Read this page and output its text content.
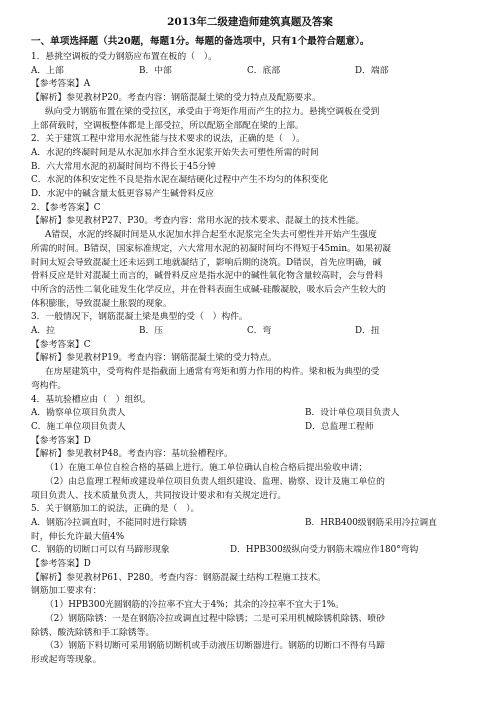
2013年二级建造师建筑真题及答案
一、单项选择题（共20题，每题1分。每题的备选项中，只有1个最符合题意）。
1．悬挑空调板的受力钢筋应布置在板的（　）。
A．上部	B．中部	C．底部	D．端部
【参考答案】A
【解析】参见教材P20。考查内容：钢筋混凝土梁的受力特点及配筋要求。
纵向受力钢筋布置在梁的受拉区，承受由于弯矩作用而产生的拉力。悬挑空调板在受到
上部荷载时，空调板整体都是上部受拉，所以配筋全部配在梁的上部。
2．关于建筑工程中常用水泥性能与技术要求的说法，正确的是（　）。
A．水泥的终凝时间是从水泥加水拌合至水泥浆开始失去可塑性所需的时间
B．六大常用水泥的初凝时间均不得长于45分钟
C．水泥的体积安定性不良是指水泥在凝结硬化过程中产生不均匀的体积变化
D．水泥中的碱含量太低更容易产生碱骨料反应
2．【参考答案】C
【解析】参见教材P27、P30。考查内容：常用水泥的技术要求、混凝土的技术性能。
A错误，水泥的终凝时间是从水泥加水拌合起至水泥浆完全失去可塑性并开始产生强度
所需的时间。B错误，国家标准规定，六大常用水泥的初凝时间均不得短于45min。如果初凝
时间太短会导致混凝土还未运到工地就凝结了，影响后期的浇筑。D错误，首先应明确，碱
骨料反应是针对混凝土而言的，碱骨料反应是指水泥中的碱性氧化物含量较高时，会与骨料
中所含的活性二氧化硅发生化学反应，并在骨料表面生成碱-硅酸凝胶，吸水后会产生较大的
体积膨胀，导致混凝土胀裂的现象。
3．一般情况下，钢筋混凝土梁是典型的受（　）构件。
A．拉	B．压	C．弯	D．扭
【参考答案】C
【解析】参见教材P19。考查内容：钢筋混凝土梁的受力特点。
在房屋建筑中，受弯构件是指截面上通常有弯矩和剪力作用的构件。梁和板为典型的受
弯构件。
4．基坑验槽应由（　）组织。
A．勘察单位项目负责人	B．设计单位项目负责人
C．施工单位项目负责人	D．总监理工程师
【参考答案】D
【解析】参见教材P48。考查内容：基坑验槽程序。
（1）在施工单位自检合格的基础上进行。施工单位确认自检合格后提出验收申请；
（2）由总监理工程师或建设单位项目负责人组织建设、监理、勘察、设计及施工单位的
项目负责人、技术质量负责人，共同按设计要求和有关规定进行。
5．关于钢筋加工的说法，正确的是（　）。
A．钢筋冷拉调直时，不能同时进行除锈	B．HRB400级钢筋采用冷拉调直
时，伸长允许最大值4%
C．钢筋的切断口可以有马蹄形现象	D．HPB300级纵向受力钢筋末端应作180°弯钩
【参考答案】D
【解析】参见教材P61、P280。考查内容：钢筋混凝土结构工程施工技术。
钢筋加工要求有：
（1）HPB300光圆钢筋的冷拉率不宜大于4%；其余的冷拉率不宜大于1%。
（2）钢筋除锈：一是在钢筋冷拉或调直过程中除锈；二是可采用机械除锈机除锈、喷砂
除锈、酸洗除锈和手工除锈等。
（3）钢筋下料切断可采用钢筋切断机或手动液压切断器进行。钢筋的切断口不得有马蹄
形或起弯等现象。
